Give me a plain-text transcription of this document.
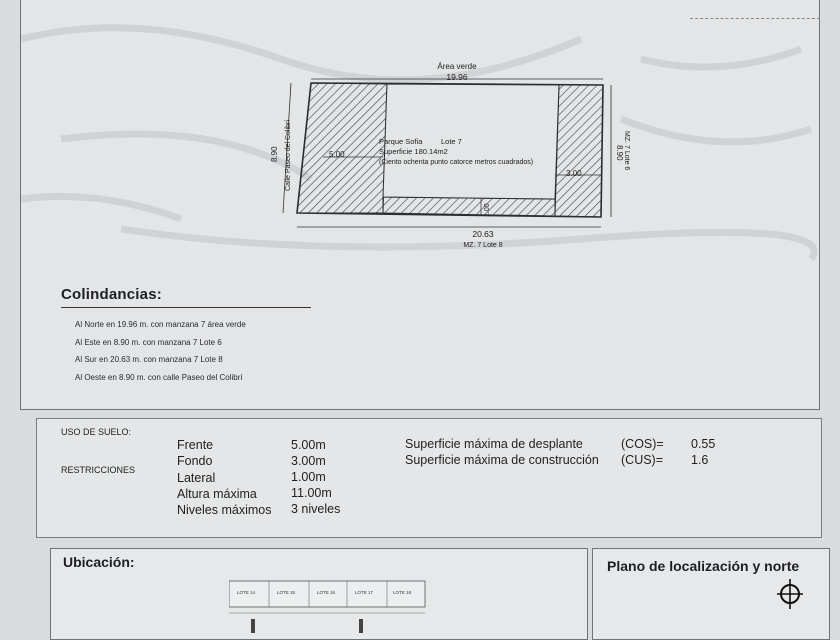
Área verde
19.96
Parque Sofia Lote 7
Superficie 180.14m2
(Ciento ochenta punto catorce metros cuadrados)
5.00
3.00
20.63
MZ. 7 Lote 8
1.00
Calle Paseo del Colibrí
8.90	8.90 MZ. 7 Lote 6
Colindancias:
Al Norte en 19.96 m. con manzana 7 área verde
Al Este en 8.90 m. con manzana 7 Lote 6
Al Sur en 20.63 m. con manzana 7 Lote 8
Al Oeste en 8.90 m. con calle Paseo del Colibrí
USO DE SUELO:
RESTRICCIONES
Frente	5.00m
Fondo	3.00m
Lateral	1.00m
Altura máxima	11.00m
Niveles máximos 3 niveles
Superficie máxima de desplante	(COS)= 0.55
Superficie máxima de construcción (CUS)= 1.6
Ubicación:
LOTE 14	LOTE 15	LOTE 16	LOTE 17	LOTE 18
Plano de localización y norte
